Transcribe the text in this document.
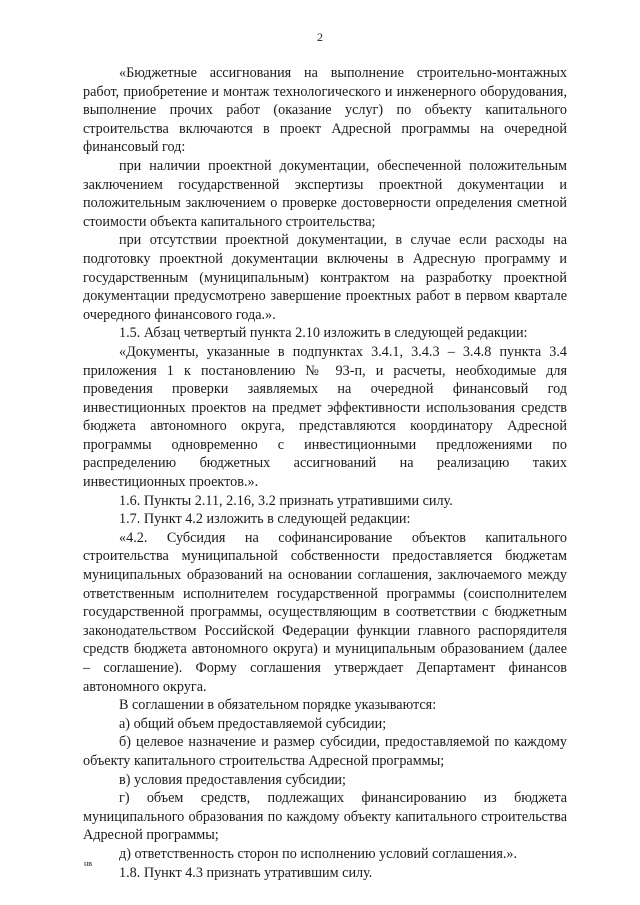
2

«Бюджетные ассигнования на выполнение строительно-монтажных работ, приобретение и монтаж технологического и инженерного оборудования, выполнение прочих работ (оказание услуг) по объекту капитального строительства включаются в проект Адресной программы на очередной финансовый год:

при наличии проектной документации, обеспеченной положительным заключением государственной экспертизы проектной документации и положительным заключением о проверке достоверности определения сметной стоимости объекта капитального строительства;

при отсутствии проектной документации, в случае если расходы на подготовку проектной документации включены в Адресную программу и государственным (муниципальным) контрактом на разработку проектной документации предусмотрено завершение проектных работ в первом квартале очередного финансового года.».

1.5. Абзац четвертый пункта 2.10 изложить в следующей редакции:

«Документы, указанные в подпунктах 3.4.1, 3.4.3 – 3.4.8 пункта 3.4 приложения 1 к постановлению № 93-п, и расчеты, необходимые для проведения проверки заявляемых на очередной финансовый год инвестиционных проектов на предмет эффективности использования средств бюджета автономного округа, представляются координатору Адресной программы одновременно с инвестиционными предложениями по распределению бюджетных ассигнований на реализацию таких инвестиционных проектов.».

1.6. Пункты 2.11, 2.16, 3.2 признать утратившими силу.

1.7. Пункт 4.2 изложить в следующей редакции:

«4.2. Субсидия на софинансирование объектов капитального строительства муниципальной собственности предоставляется бюджетам муниципальных образований на основании соглашения, заключаемого между ответственным исполнителем государственной программы (соисполнителем государственной программы, осуществляющим в соответствии с бюджетным законодательством Российской Федерации функции главного распорядителя средств бюджета автономного округа) и муниципальным образованием (далее – соглашение). Форму соглашения утверждает Департамент финансов автономного округа.

В соглашении в обязательном порядке указываются:

а) общий объем предоставляемой субсидии;

б) целевое назначение и размер субсидии, предоставляемой по каждому объекту капитального строительства Адресной программы;

в) условия предоставления субсидии;

г) объем средств, подлежащих финансированию из бюджета муниципального образования по каждому объекту капитального строительства Адресной программы;

д) ответственность сторон по исполнению условий соглашения.».

1.8. Пункт 4.3 признать утратившим силу.

нв
